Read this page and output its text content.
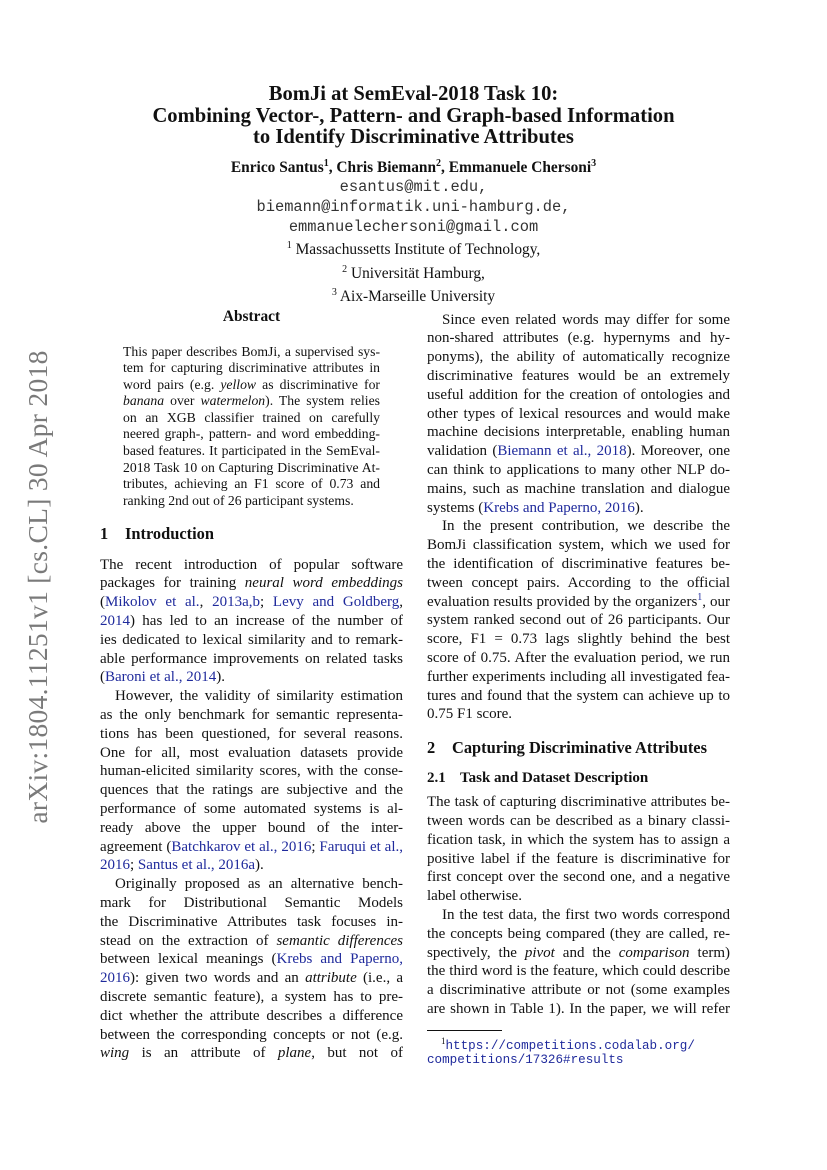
arXiv:1804.11251v1 [cs.CL] 30 Apr 2018
BomJi at SemEval-2018 Task 10:
Combining Vector-, Pattern- and Graph-based Information
to Identify Discriminative Attributes
Enrico Santus$^1$, Chris Biemann$^2$, Emmanuele Chersoni$^3$
esantus@mit.edu,
biemann@informatik.uni-hamburg.de,
emmanuelechersoni@gmail.com
$^1$ Massachussetts Institute of Technology,
$^2$ Universität Hamburg,
$^3$ Aix-Marseille University
Abstract
This paper describes BomJi, a supervised sys-
tem for capturing discriminative attributes in
word pairs (e.g. yellow as discriminative for
banana over watermelon). The system relies
on an XGB classifier trained on carefully
neered graph-, pattern- and word embedding-
based features. It participated in the SemEval-
2018 Task 10 on Capturing Discriminative At-
tributes, achieving an F1 score of 0.73 and
ranking 2nd out of 26 participant systems.
1 Introduction
The recent introduction of popular software
packages for training neural word embeddings
(Mikolov et al., 2013a,b; Levy and Goldberg,
2014) has led to an increase of the number of
ies dedicated to lexical similarity and to remark-
able performance improvements on related tasks
(Baroni et al., 2014).
However, the validity of similarity estimation
as the only benchmark for semantic representa-
tions has been questioned, for several reasons.
One for all, most evaluation datasets provide
human-elicited similarity scores, with the conse-
quences that the ratings are subjective and the
performance of some automated systems is al-
ready above the upper bound of the inter-
agreement (Batchkarov et al., 2016; Faruqui et al.,
2016; Santus et al., 2016a).
Originally proposed as an alternative bench-
mark for Distributional Semantic Models
the Discriminative Attributes task focuses in-
stead on the extraction of semantic differences
between lexical meanings (Krebs and Paperno,
2016): given two words and an attribute (i.e., a
discrete semantic feature), a system has to pre-
dict whether the attribute describes a difference
between the corresponding concepts or not (e.g.
wing is an attribute of plane, but not of
Since even related words may differ for some
non-shared attributes (e.g. hypernyms and hy-
ponyms), the ability of automatically recognize
discriminative features would be an extremely
useful addition for the creation of ontologies and
other types of lexical resources and would make
machine decisions interpretable, enabling human
validation (Biemann et al., 2018). Moreover, one
can think to applications to many other NLP do-
mains, such as machine translation and dialogue
systems (Krebs and Paperno, 2016).
In the present contribution, we describe the
BomJi classification system, which we used for
the identification of discriminative features be-
tween concept pairs. According to the official
evaluation results provided by the organizers$^1$, our
system ranked second out of 26 participants. Our
score, F1 = 0.73 lags slightly behind the best
score of 0.75. After the evaluation period, we run
further experiments including all investigated fea-
tures and found that the system can achieve up to
0.75 F1 score.
2 Capturing Discriminative Attributes
2.1 Task and Dataset Description
The task of capturing discriminative attributes be-
tween words can be described as a binary classi-
fication task, in which the system has to assign a
positive label if the feature is discriminative for
first concept over the second one, and a negative
label otherwise.
In the test data, the first two words correspond
the concepts being compared (they are called, re-
spectively, the pivot and the comparison term)
the third word is the feature, which could describe
a discriminative attribute or not (some examples
are shown in Table 1). In the paper, we will refer
$^1$https://competitions.codalab.org/
competitions/17326#results
